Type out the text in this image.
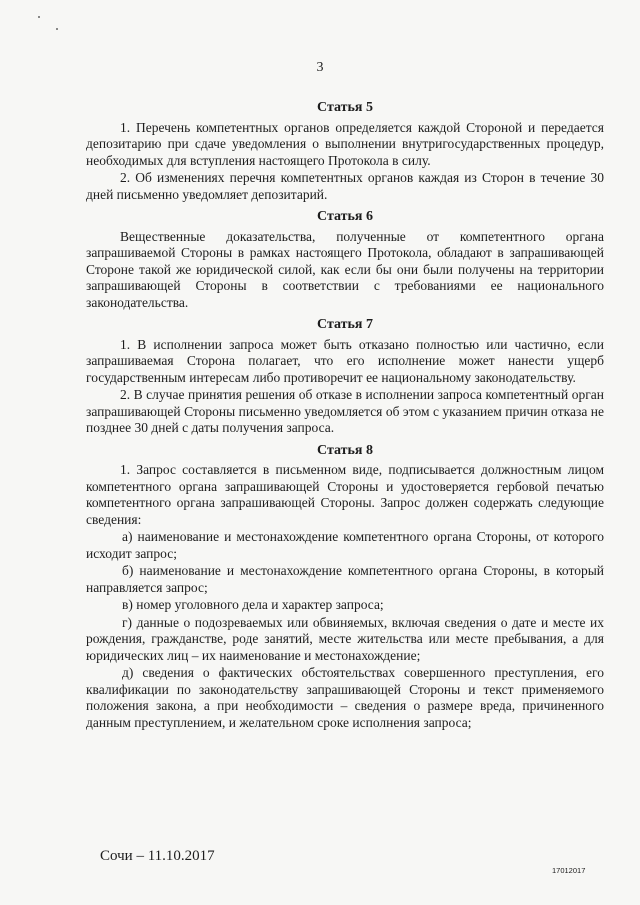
3
Статья 5

1. Перечень компетентных органов определяется каждой Стороной и передается депозитарию при сдаче уведомления о выполнении внутригосударственных процедур, необходимых для вступления настоящего Протокола в силу.

2. Об изменениях перечня компетентных органов каждая из Сторон в течение 30 дней письменно уведомляет депозитарий.

Статья 6

Вещественные доказательства, полученные от компетентного органа запрашиваемой Стороны в рамках настоящего Протокола, обладают в запрашивающей Стороне такой же юридической силой, как если бы они были получены на территории запрашивающей Стороны в соответствии с требованиями ее национального законодательства.

Статья 7

1. В исполнении запроса может быть отказано полностью или частично, если запрашиваемая Сторона полагает, что его исполнение может нанести ущерб государственным интересам либо противоречит ее национальному законодательству.

2. В случае принятия решения об отказе в исполнении запроса компетентный орган запрашивающей Стороны письменно уведомляется об этом с указанием причин отказа не позднее 30 дней с даты получения запроса.

Статья 8

1. Запрос составляется в письменном виде, подписывается должностным лицом компетентного органа запрашивающей Стороны и удостоверяется гербовой печатью компетентного органа запрашивающей Стороны. Запрос должен содержать следующие сведения:

а) наименование и местонахождение компетентного органа Стороны, от которого исходит запрос;

б) наименование и местонахождение компетентного органа Стороны, в который направляется запрос;

в) номер уголовного дела и характер запроса;

г) данные о подозреваемых или обвиняемых, включая сведения о дате и месте их рождения, гражданстве, роде занятий, месте жительства или месте пребывания, а для юридических лиц – их наименование и местонахождение;

д) сведения о фактических обстоятельствах совершенного преступления, его квалификации по законодательству запрашивающей Стороны и текст применяемого положения закона, а при необходимости – сведения о размере вреда, причиненного данным преступлением, и желательном сроке исполнения запроса;

Сочи – 11.10.2017
17012017
